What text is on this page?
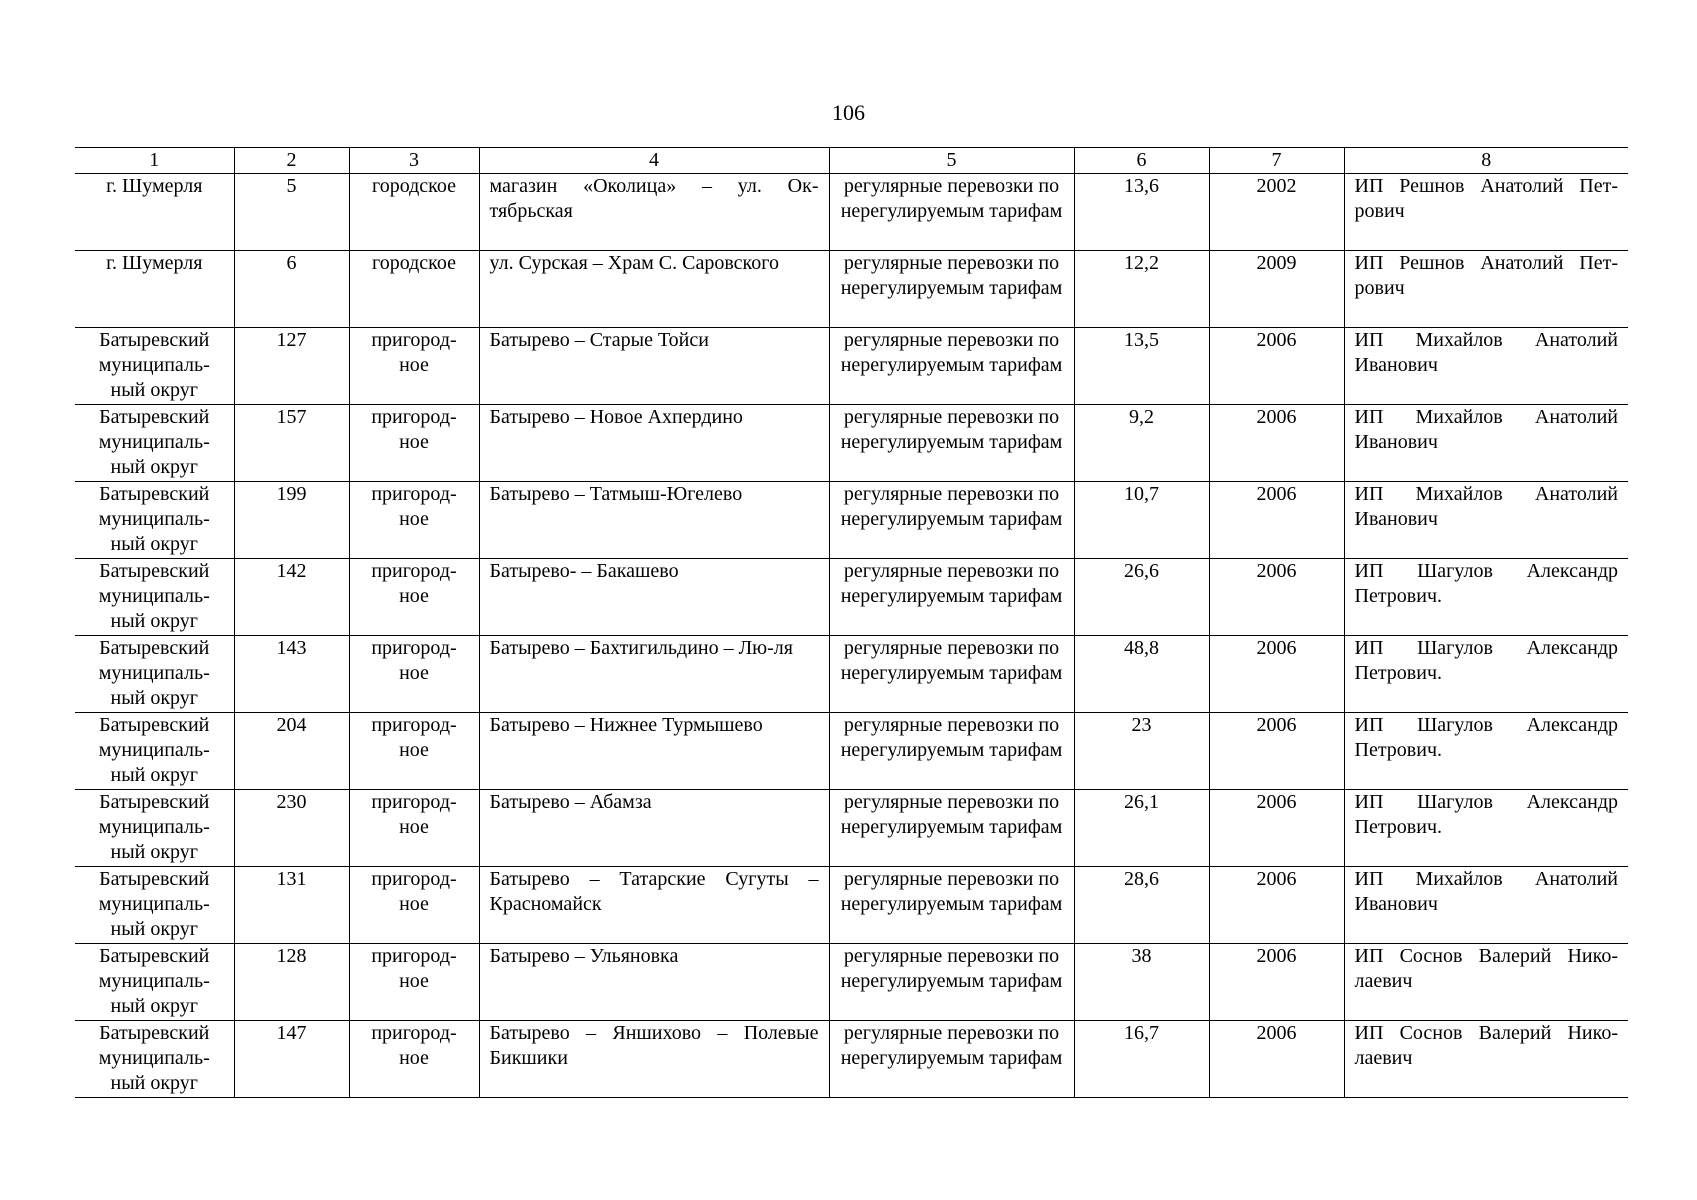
106
1	2	3	4	5	6	7	8
г. Шумерля	5	городское	магазин «Околица» – ул. Ок-тябрьская	регулярные перевозки по нерегулируемым тарифам	13,6	2002	ИП Решнов Анатолий Пет-рович
г. Шумерля	6	городское	ул. Сурская – Храм С. Саровского	регулярные перевозки по нерегулируемым тарифам	12,2	2009	ИП Решнов Анатолий Пет-рович
Батыревский муниципаль-ный округ	127	пригород-ное	Батырево – Старые Тойси	регулярные перевозки по нерегулируемым тарифам	13,5	2006	ИП Михайлов Анатолий Иванович
Батыревский муниципаль-ный округ	157	пригород-ное	Батырево – Новое Ахпердино	регулярные перевозки по нерегулируемым тарифам	9,2	2006	ИП Михайлов Анатолий Иванович
Батыревский муниципаль-ный округ	199	пригород-ное	Батырево – Татмыш-Югелево	регулярные перевозки по нерегулируемым тарифам	10,7	2006	ИП Михайлов Анатолий Иванович
Батыревский муниципаль-ный округ	142	пригород-ное	Батырево- – Бакашево	регулярные перевозки по нерегулируемым тарифам	26,6	2006	ИП Шагулов Александр Петрович.
Батыревский муниципаль-ный округ	143	пригород-ное	Батырево – Бахтигильдино – Лю-ля	регулярные перевозки по нерегулируемым тарифам	48,8	2006	ИП Шагулов Александр Петрович.
Батыревский муниципаль-ный округ	204	пригород-ное	Батырево – Нижнее Турмышево	регулярные перевозки по нерегулируемым тарифам	23	2006	ИП Шагулов Александр Петрович.
Батыревский муниципаль-ный округ	230	пригород-ное	Батырево – Абамза	регулярные перевозки по нерегулируемым тарифам	26,1	2006	ИП Шагулов Александр Петрович.
Батыревский муниципаль-ный округ	131	пригород-ное	Батырево – Татарские Сугуты – Красномайск	регулярные перевозки по нерегулируемым тарифам	28,6	2006	ИП Михайлов Анатолий Иванович
Батыревский муниципаль-ный округ	128	пригород-ное	Батырево – Ульяновка	регулярные перевозки по нерегулируемым тарифам	38	2006	ИП Соснов Валерий Нико-лаевич
Батыревский муниципаль-ный округ	147	пригород-ное	Батырево – Яншихово – Полевые Бикшики	регулярные перевозки по нерегулируемым тарифам	16,7	2006	ИП Соснов Валерий Нико-лаевич
